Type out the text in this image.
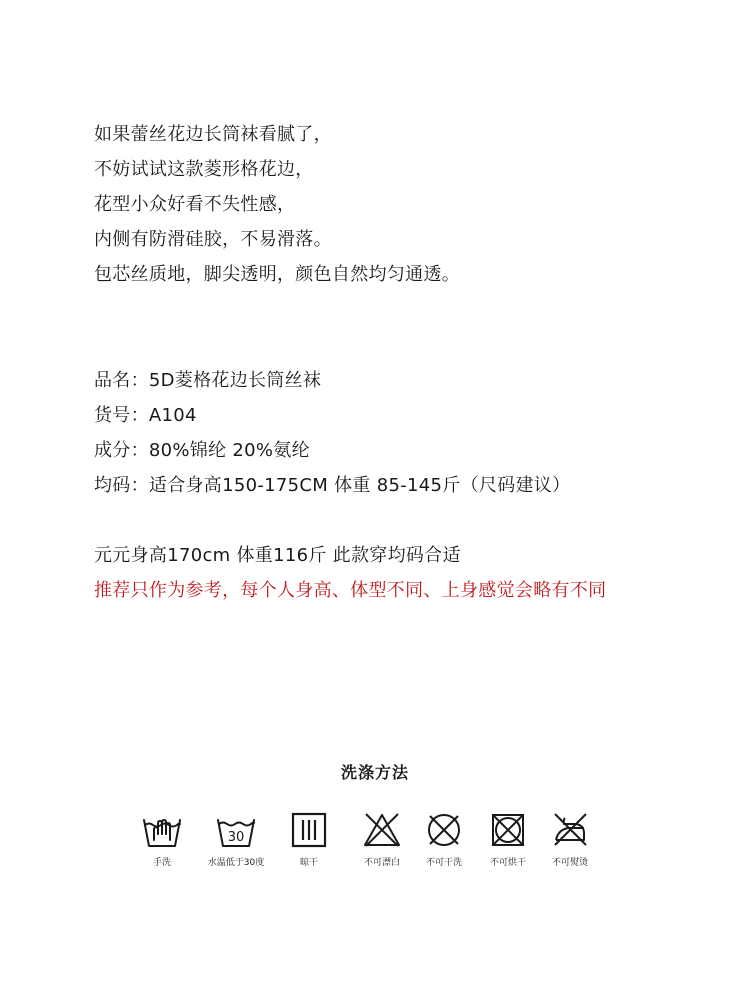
如果蕾丝花边长筒袜看腻了，
不妨试试这款菱形格花边，
花型小众好看不失性感，
内侧有防滑硅胶，不易滑落。
包芯丝质地，脚尖透明，颜色自然均匀通透。
品名：5D菱格花边长筒丝袜
货号：A104
成分：80%锦纶 20%氨纶
均码：适合身高150-175CM 体重 85-145斤（尺码建议）
元元身高170cm 体重116斤 此款穿均码合适
推荐只作为参考，每个人身高、体型不同、上身感觉会略有不同
洗涤方法
手洗
30
水温低于30度	晾干	不可漂白	不可干洗	不可烘干	不可熨烫
